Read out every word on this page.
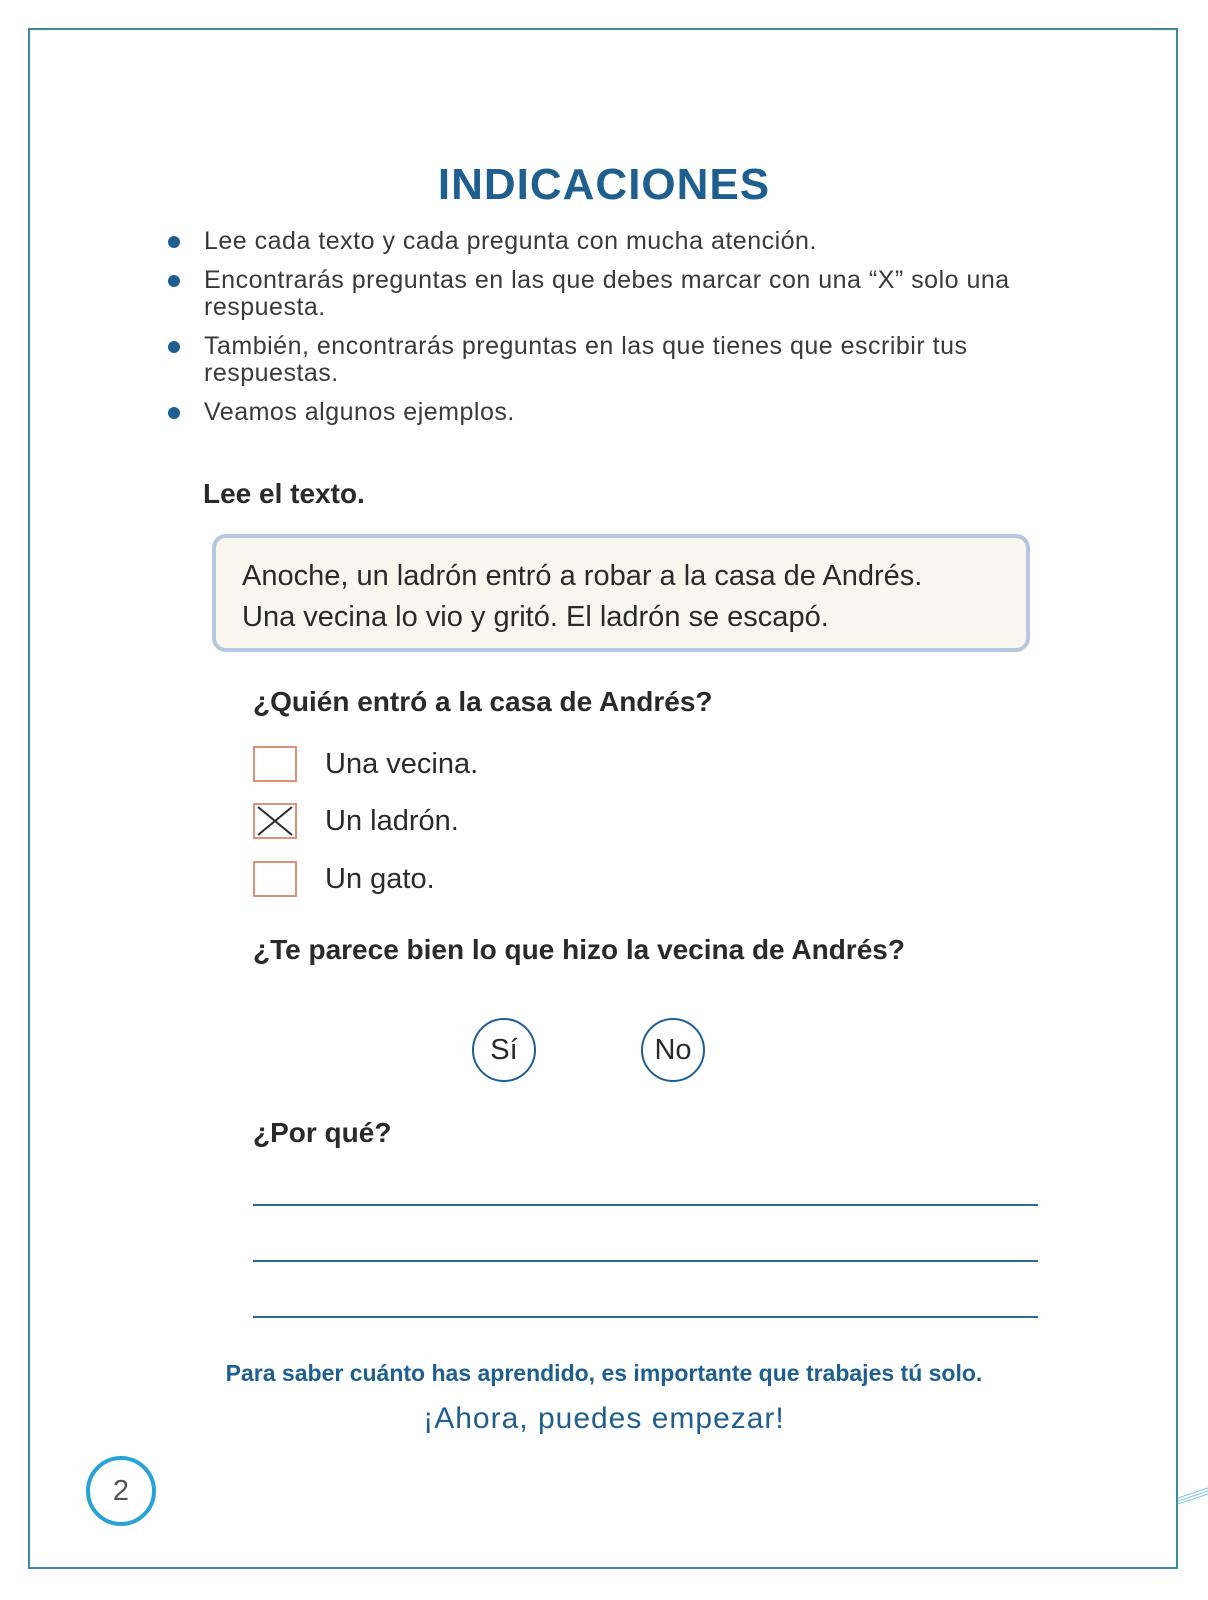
INDICACIONES
Lee cada texto y cada pregunta con mucha atención.
Encontrarás preguntas en las que debes marcar con una “X” solo una respuesta.
También, encontrarás preguntas en las que tienes que escribir tus respuestas.
Veamos algunos ejemplos.
Lee el texto.

Anoche, un ladrón entró a robar a la casa de Andrés.

Una vecina lo vio y gritó. El ladrón se escapó.

¿Quién entró a la casa de Andrés?
Una vecina.
Un ladrón.
Un gato.
¿Te parece bien lo que hizo la vecina de Andrés?
Sí	No
¿Por qué?
Para saber cuánto has aprendido, es importante que trabajes tú solo.
¡Ahora, puedes empezar!
2
